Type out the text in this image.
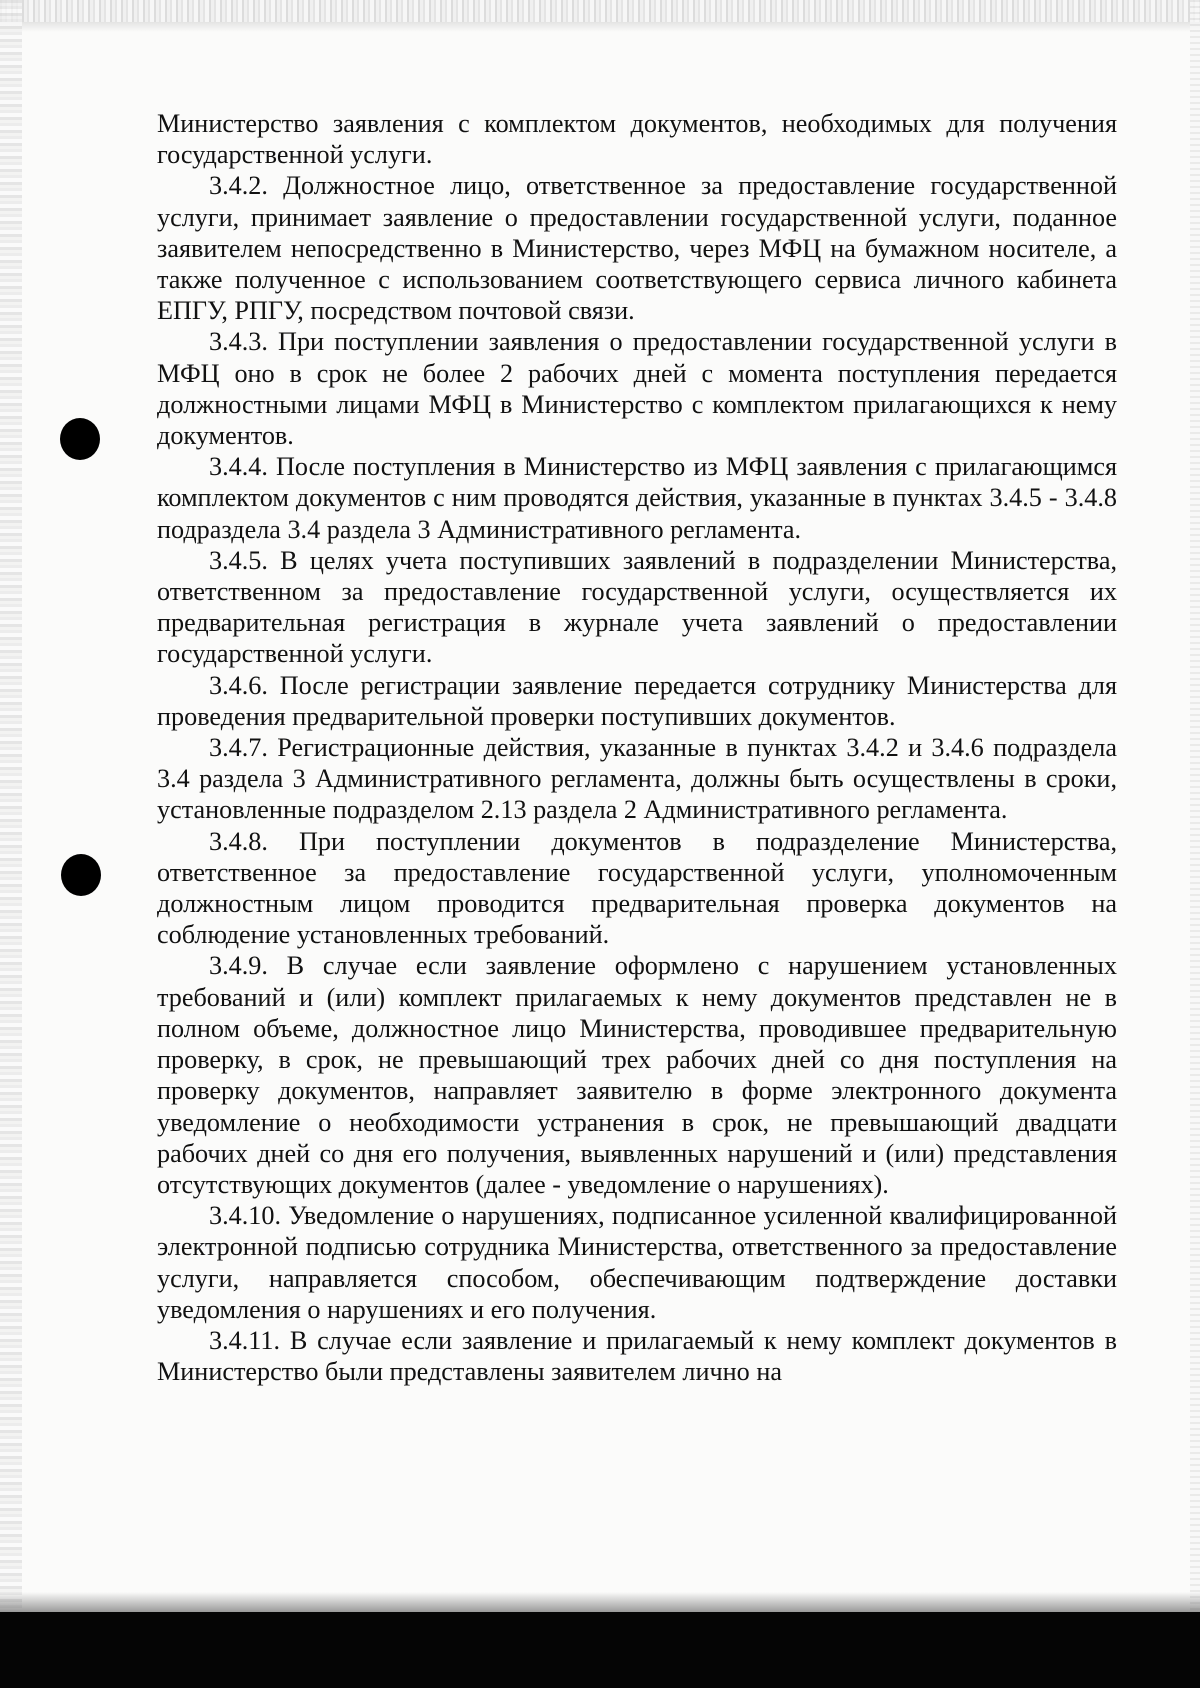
Министерство заявления с комплектом документов, необходимых для получения государственной услуги.

3.4.2. Должностное лицо, ответственное за предоставление государственной услуги, принимает заявление о предоставлении государственной услуги, поданное заявителем непосредственно в Министерство, через МФЦ на бумажном носителе, а также полученное с использованием соответствующего сервиса личного кабинета ЕПГУ, РПГУ, посредством почтовой связи.

3.4.3. При поступлении заявления о предоставлении государственной услуги в МФЦ оно в срок не более 2 рабочих дней с момента поступления передается должностными лицами МФЦ в Министерство с комплектом прилагающихся к нему документов.

3.4.4. После поступления в Министерство из МФЦ заявления с прилагающимся комплектом документов с ним проводятся действия, указанные в пунктах 3.4.5 - 3.4.8 подраздела 3.4 раздела 3 Административного регламента.

3.4.5. В целях учета поступивших заявлений в подразделении Министерства, ответственном за предоставление государственной услуги, осуществляется их предварительная регистрация в журнале учета заявлений о предоставлении государственной услуги.

3.4.6. После регистрации заявление передается сотруднику Министерства для проведения предварительной проверки поступивших документов.

3.4.7. Регистрационные действия, указанные в пунктах 3.4.2 и 3.4.6 подраздела 3.4 раздела 3 Административного регламента, должны быть осуществлены в сроки, установленные подразделом 2.13 раздела 2 Административного регламента.

3.4.8. При поступлении документов в подразделение Министерства, ответственное за предоставление государственной услуги, уполномоченным должностным лицом проводится предварительная проверка документов на соблюдение установленных требований.

3.4.9. В случае если заявление оформлено с нарушением установленных требований и (или) комплект прилагаемых к нему документов представлен не в полном объеме, должностное лицо Министерства, проводившее предварительную проверку, в срок, не превышающий трех рабочих дней со дня поступления на проверку документов, направляет заявителю в форме электронного документа уведомление о необходимости устранения в срок, не превышающий двадцати рабочих дней со дня его получения, выявленных нарушений и (или) представления отсутствующих документов (далее - уведомление о нарушениях).

3.4.10. Уведомление о нарушениях, подписанное усиленной квалифицированной электронной подписью сотрудника Министерства, ответственного за предоставление услуги, направляется способом, обеспечивающим подтверждение доставки уведомления о нарушениях и его получения.

3.4.11. В случае если заявление и прилагаемый к нему комплект документов в Министерство были представлены заявителем лично на
